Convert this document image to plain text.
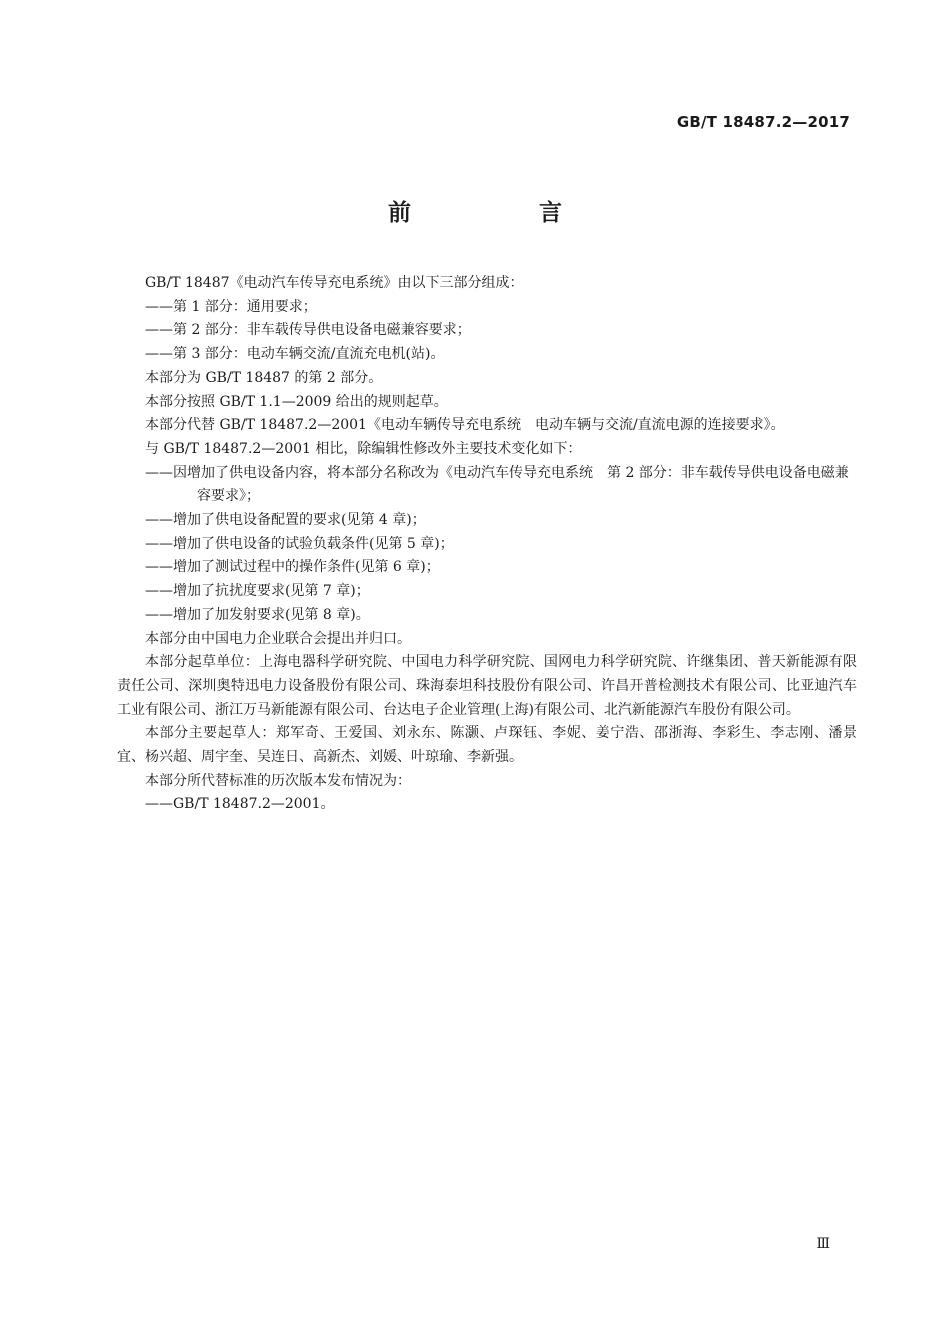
GB/T 18487.2—2017
前 言

GB/T 18487《电动汽车传导充电系统》由以下三部分组成：

——第 1 部分：通用要求；

——第 2 部分：非车载传导供电设备电磁兼容要求；

——第 3 部分：电动车辆交流/直流充电机(站)。

本部分为 GB/T 18487 的第 2 部分。

本部分按照 GB/T 1.1—2009 给出的规则起草。

本部分代替 GB/T 18487.2—2001《电动车辆传导充电系统　电动车辆与交流/直流电源的连接要求》。

与 GB/T 18487.2—2001 相比，除编辑性修改外主要技术变化如下：

——因增加了供电设备内容，将本部分名称改为《电动汽车传导充电系统　第 2 部分：非车载传导供电设备电磁兼容要求》；

——增加了供电设备配置的要求(见第 4 章)；

——增加了供电设备的试验负载条件(见第 5 章)；

——增加了测试过程中的操作条件(见第 6 章)；

——增加了抗扰度要求(见第 7 章)；

——增加了加发射要求(见第 8 章)。

本部分由中国电力企业联合会提出并归口。

本部分起草单位：上海电器科学研究院、中国电力科学研究院、国网电力科学研究院、许继集团、普天新能源有限责任公司、深圳奥特迅电力设备股份有限公司、珠海泰坦科技股份有限公司、许昌开普检测技术有限公司、比亚迪汽车工业有限公司、浙江万马新能源有限公司、台达电子企业管理(上海)有限公司、北汽新能源汽车股份有限公司。

本部分主要起草人：郑军奇、王爱国、刘永东、陈灏、卢琛钰、李妮、姜宁浩、邵浙海、李彩生、李志刚、潘景宜、杨兴超、周宇奎、吴连日、高新杰、刘媛、叶琼瑜、李新强。

本部分所代替标准的历次版本发布情况为：

——GB/T 18487.2—2001。

Ⅲ
